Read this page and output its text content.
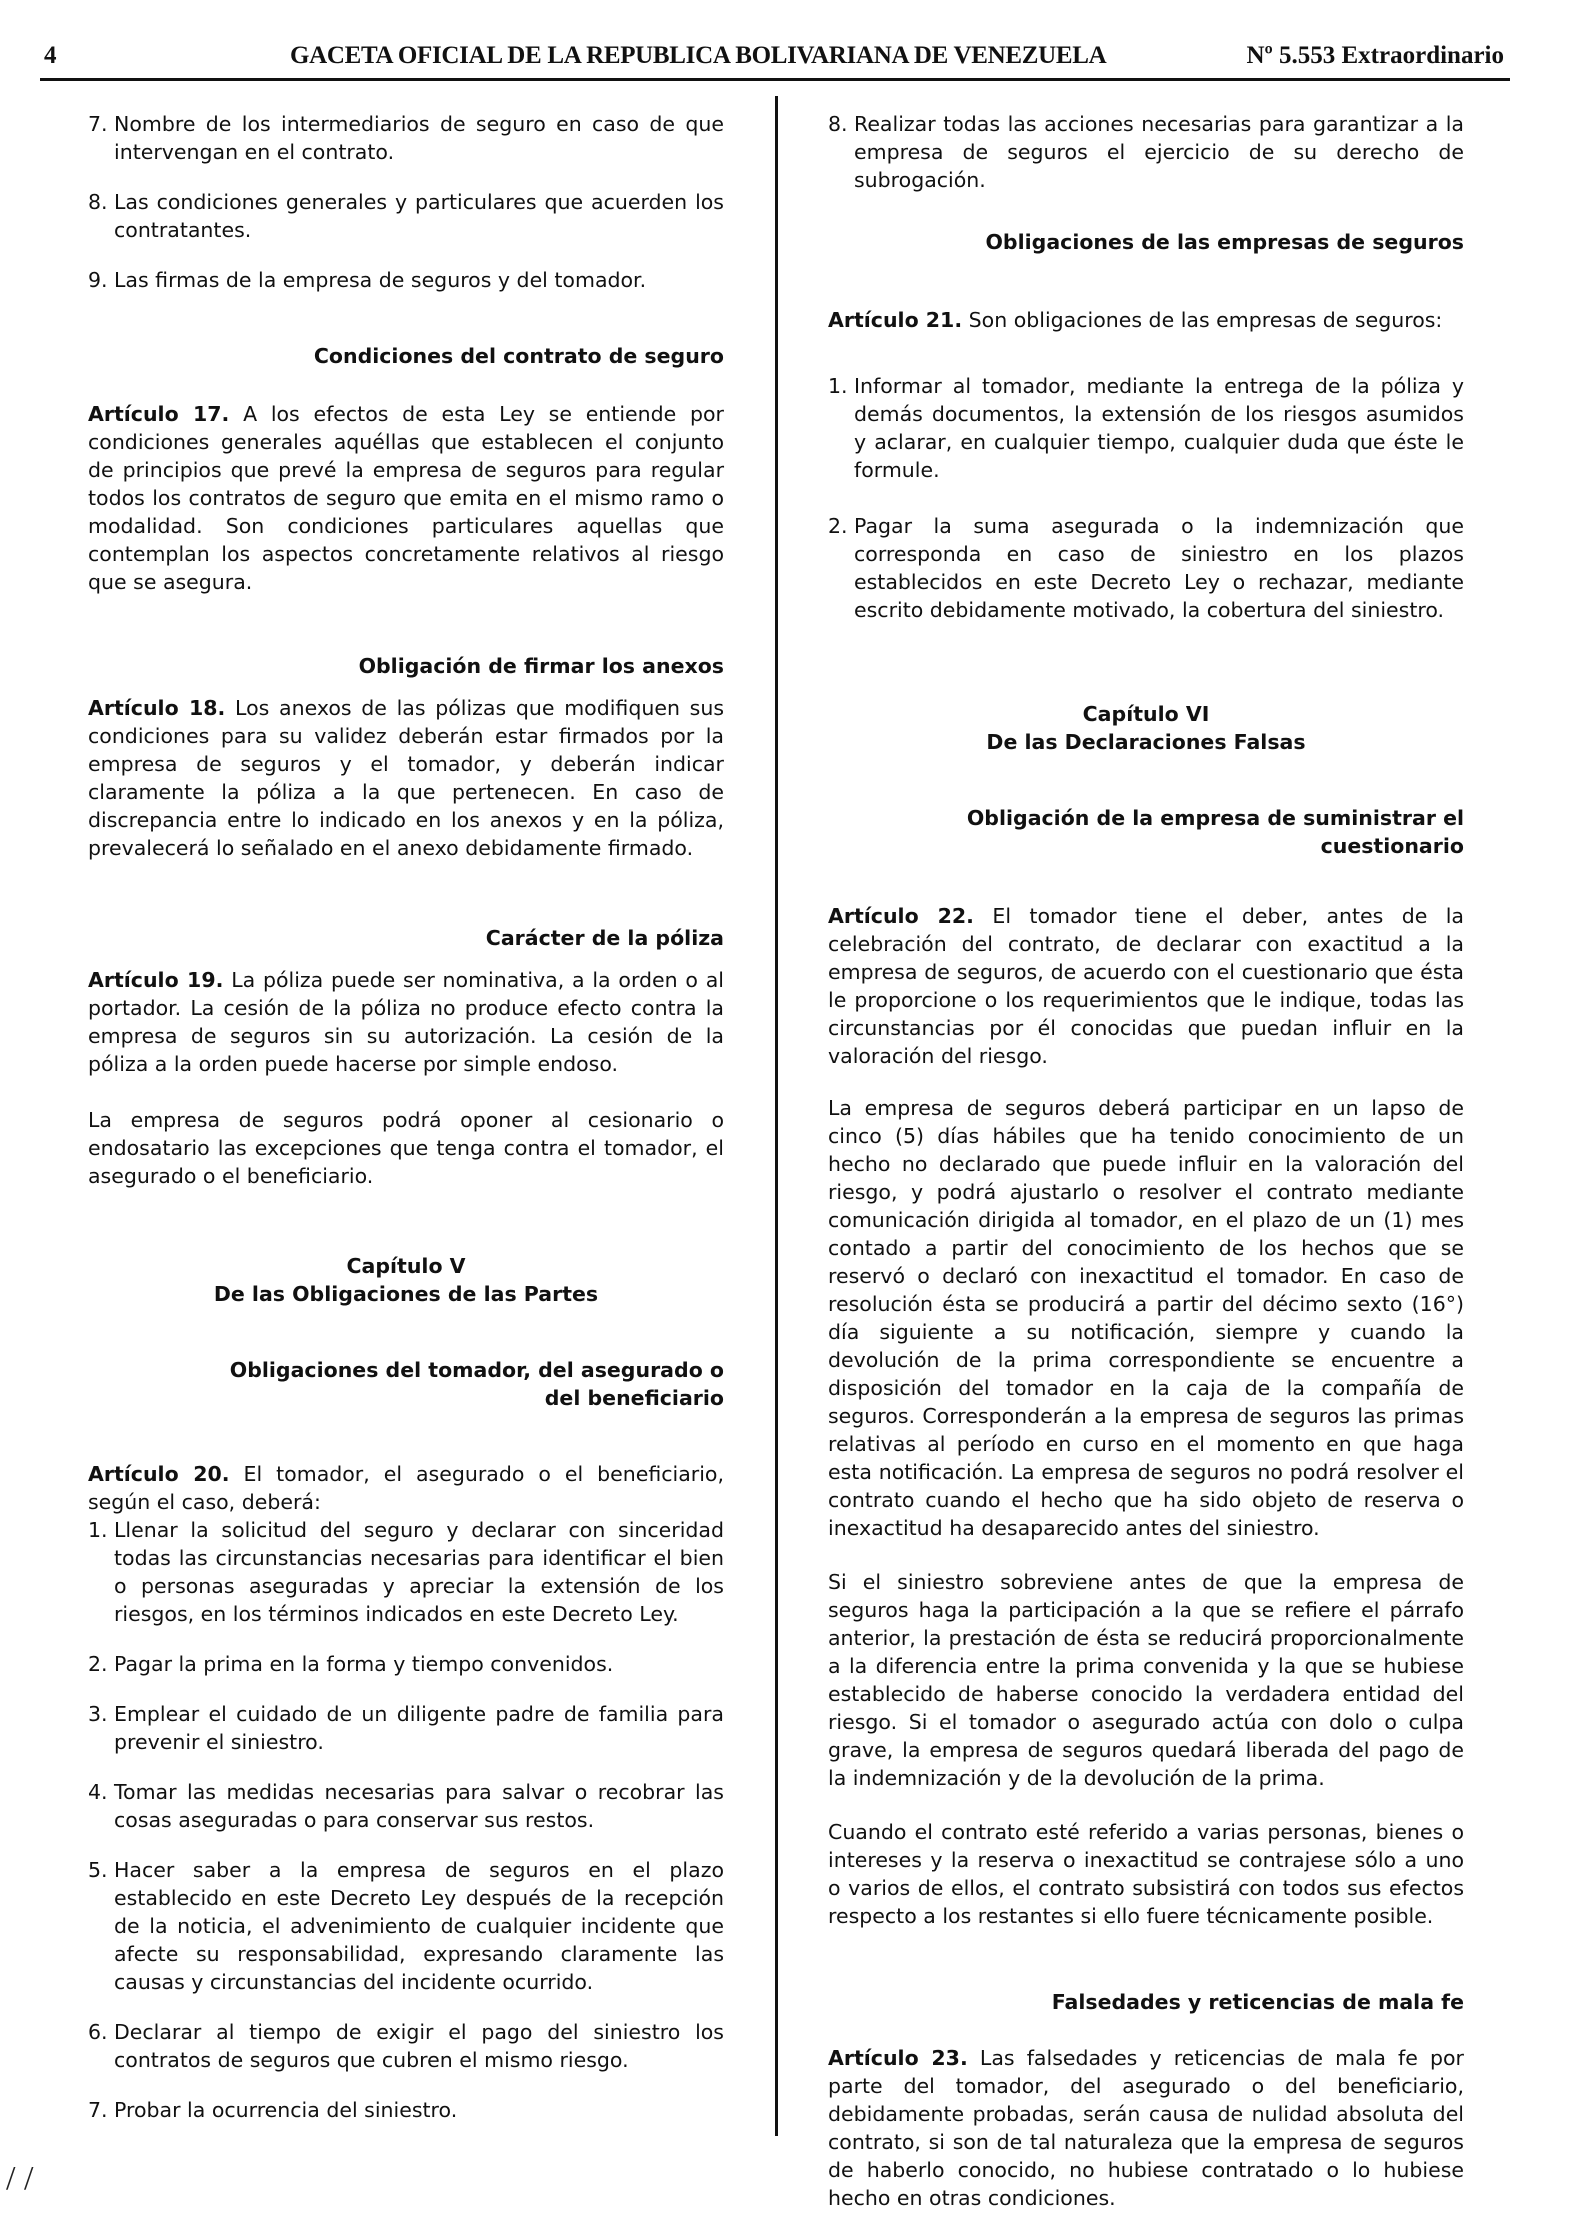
4	GACETA OFICIAL DE LA REPUBLICA BOLIVARIANA DE VENEZUELA	Nº 5.553 Extraordinario
7. Nombre de los intermediarios de seguro en caso de que intervengan en el contrato.
8. Las condiciones generales y particulares que acuerden los contratantes.
9. Las firmas de la empresa de seguros y del tomador.
Condiciones del contrato de seguro

Artículo 17. A los efectos de esta Ley se entiende por condiciones generales aquéllas que establecen el conjunto de principios que prevé la empresa de seguros para regular todos los contratos de seguro que emita en el mismo ramo o modalidad. Son condiciones particulares aquellas que contemplan los aspectos concretamente relativos al riesgo que se asegura.

Obligación de firmar los anexos

Artículo 18. Los anexos de las pólizas que modifiquen sus condiciones para su validez deberán estar firmados por la empresa de seguros y el tomador, y deberán indicar claramente la póliza a la que pertenecen. En caso de discrepancia entre lo indicado en los anexos y en la póliza, prevalecerá lo señalado en el anexo debidamente firmado.

Carácter de la póliza

Artículo 19. La póliza puede ser nominativa, a la orden o al portador. La cesión de la póliza no produce efecto contra la empresa de seguros sin su autorización. La cesión de la póliza a la orden puede hacerse por simple endoso.

La empresa de seguros podrá oponer al cesionario o endosatario las excepciones que tenga contra el tomador, el asegurado o el beneficiario.

Capítulo V
De las Obligaciones de las Partes
Obligaciones del tomador, del asegurado o del beneficiario

Artículo 20. El tomador, el asegurado o el beneficiario, según el caso, deberá:

1. Llenar la solicitud del seguro y declarar con sinceridad todas las circunstancias necesarias para identificar el bien o personas aseguradas y apreciar la extensión de los riesgos, en los términos indicados en este Decreto Ley.
2. Pagar la prima en la forma y tiempo convenidos.
3. Emplear el cuidado de un diligente padre de familia para prevenir el siniestro.
4. Tomar las medidas necesarias para salvar o recobrar las cosas aseguradas o para conservar sus restos.
5. Hacer saber a la empresa de seguros en el plazo establecido en este Decreto Ley después de la recepción de la noticia, el advenimiento de cualquier incidente que afecte su responsabilidad, expresando claramente las causas y circunstancias del incidente ocurrido.
6. Declarar al tiempo de exigir el pago del siniestro los contratos de seguros que cubren el mismo riesgo.
7. Probar la ocurrencia del siniestro.
8. Realizar todas las acciones necesarias para garantizar a la empresa de seguros el ejercicio de su derecho de subrogación.
Obligaciones de las empresas de seguros

Artículo 21. Son obligaciones de las empresas de seguros:

1. Informar al tomador, mediante la entrega de la póliza y demás documentos, la extensión de los riesgos asumidos y aclarar, en cualquier tiempo, cualquier duda que éste le formule.
2. Pagar la suma asegurada o la indemnización que corresponda en caso de siniestro en los plazos establecidos en este Decreto Ley o rechazar, mediante escrito debidamente motivado, la cobertura del siniestro.
Capítulo VI
De las Declaraciones Falsas
Obligación de la empresa de suministrar el cuestionario

Artículo 22. El tomador tiene el deber, antes de la celebración del contrato, de declarar con exactitud a la empresa de seguros, de acuerdo con el cuestionario que ésta le proporcione o los requerimientos que le indique, todas las circunstancias por él conocidas que puedan influir en la valoración del riesgo.

La empresa de seguros deberá participar en un lapso de cinco (5) días hábiles que ha tenido conocimiento de un hecho no declarado que puede influir en la valoración del riesgo, y podrá ajustarlo o resolver el contrato mediante comunicación dirigida al tomador, en el plazo de un (1) mes contado a partir del conocimiento de los hechos que se reservó o declaró con inexactitud el tomador. En caso de resolución ésta se producirá a partir del décimo sexto (16°) día siguiente a su notificación, siempre y cuando la devolución de la prima correspondiente se encuentre a disposición del tomador en la caja de la compañía de seguros. Corresponderán a la empresa de seguros las primas relativas al período en curso en el momento en que haga esta notificación. La empresa de seguros no podrá resolver el contrato cuando el hecho que ha sido objeto de reserva o inexactitud ha desaparecido antes del siniestro.

Si el siniestro sobreviene antes de que la empresa de seguros haga la participación a la que se refiere el párrafo anterior, la prestación de ésta se reducirá proporcionalmente a la diferencia entre la prima convenida y la que se hubiese establecido de haberse conocido la verdadera entidad del riesgo. Si el tomador o asegurado actúa con dolo o culpa grave, la empresa de seguros quedará liberada del pago de la indemnización y de la devolución de la prima.

Cuando el contrato esté referido a varias personas, bienes o intereses y la reserva o inexactitud se contrajese sólo a uno o varios de ellos, el contrato subsistirá con todos sus efectos respecto a los restantes si ello fuere técnicamente posible.

Falsedades y reticencias de mala fe

Artículo 23. Las falsedades y reticencias de mala fe por parte del tomador, del asegurado o del beneficiario, debidamente probadas, serán causa de nulidad absoluta del contrato, si son de tal naturaleza que la empresa de seguros de haberlo conocido, no hubiese contratado o lo hubiese hecho en otras condiciones.

/ /
